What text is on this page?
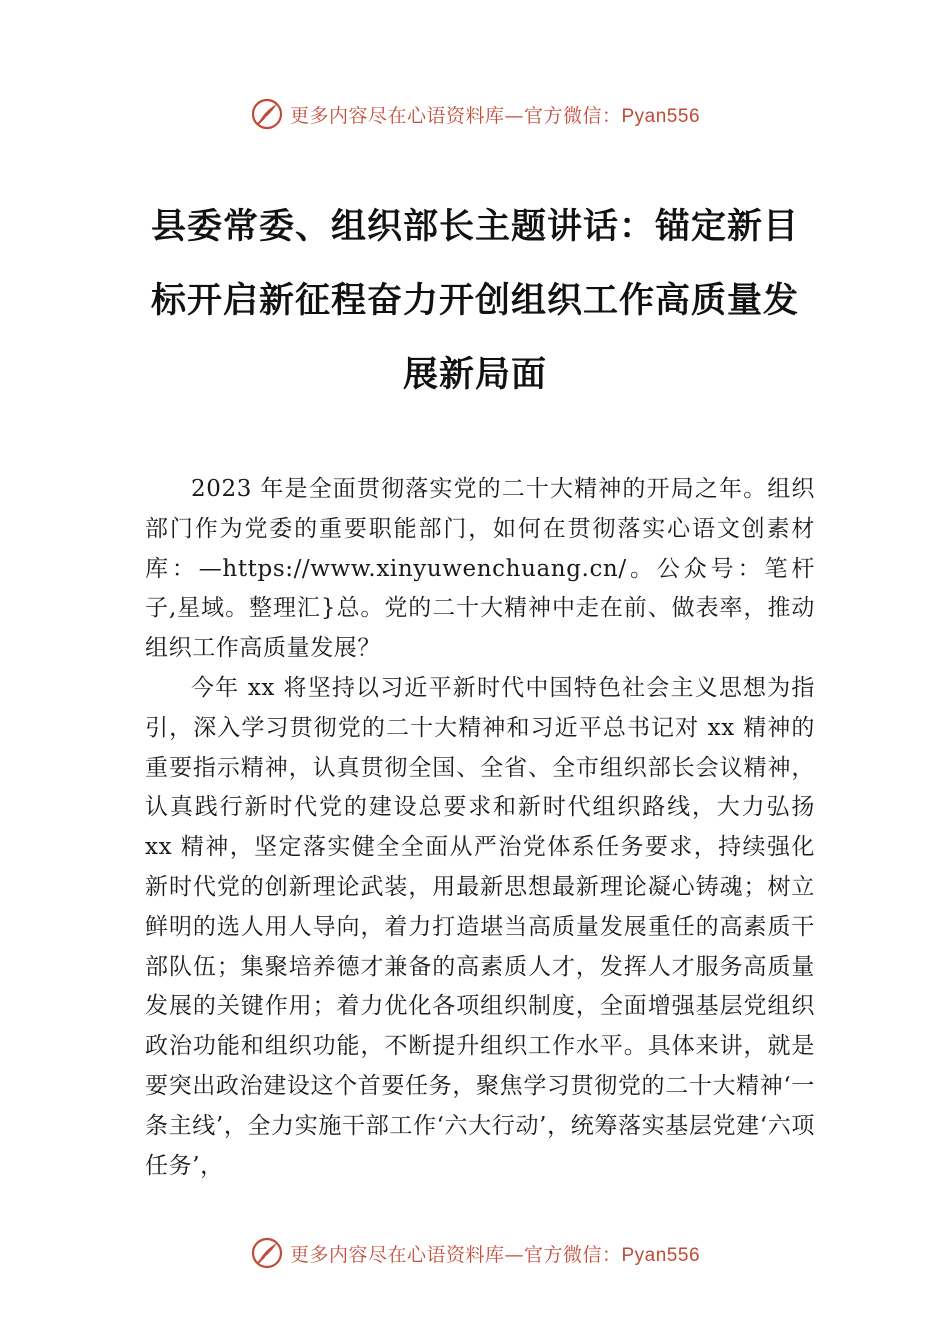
更多内容尽在心语资料库—官方微信：Pyan556
县委常委、组织部长主题讲话：锚定新目标开启新征程奋力开创组织工作高质量发展新局面

2023 年是全面贯彻落实党的二十大精神的开局之年。组织部门作为党委的重要职能部门，如何在贯彻落实心语文创素材库：—https://www.xinyuwenchuang.cn/。公众号：笔杆子,星域。整理汇}总。党的二十大精神中走在前、做表率，推动组织工作高质量发展？

今年 xx 将坚持以习近平新时代中国特色社会主义思想为指引，深入学习贯彻党的二十大精神和习近平总书记对 xx 精神的重要指示精神，认真贯彻全国、全省、全市组织部长会议精神，认真践行新时代党的建设总要求和新时代组织路线，大力弘扬 xx 精神，坚定落实健全全面从严治党体系任务要求，持续强化新时代党的创新理论武装，用最新思想最新理论凝心铸魂；树立鲜明的选人用人导向，着力打造堪当高质量发展重任的高素质干部队伍；集聚培养德才兼备的高素质人才，发挥人才服务高质量发展的关键作用；着力优化各项组织制度，全面增强基层党组织政治功能和组织功能，不断提升组织工作水平。具体来讲，就是要突出政治建设这个首要任务，聚焦学习贯彻党的二十大精神‘一条主线’，全力实施干部工作‘六大行动’，统筹落实基层党建‘六项任务’，

更多内容尽在心语资料库—官方微信：Pyan556
